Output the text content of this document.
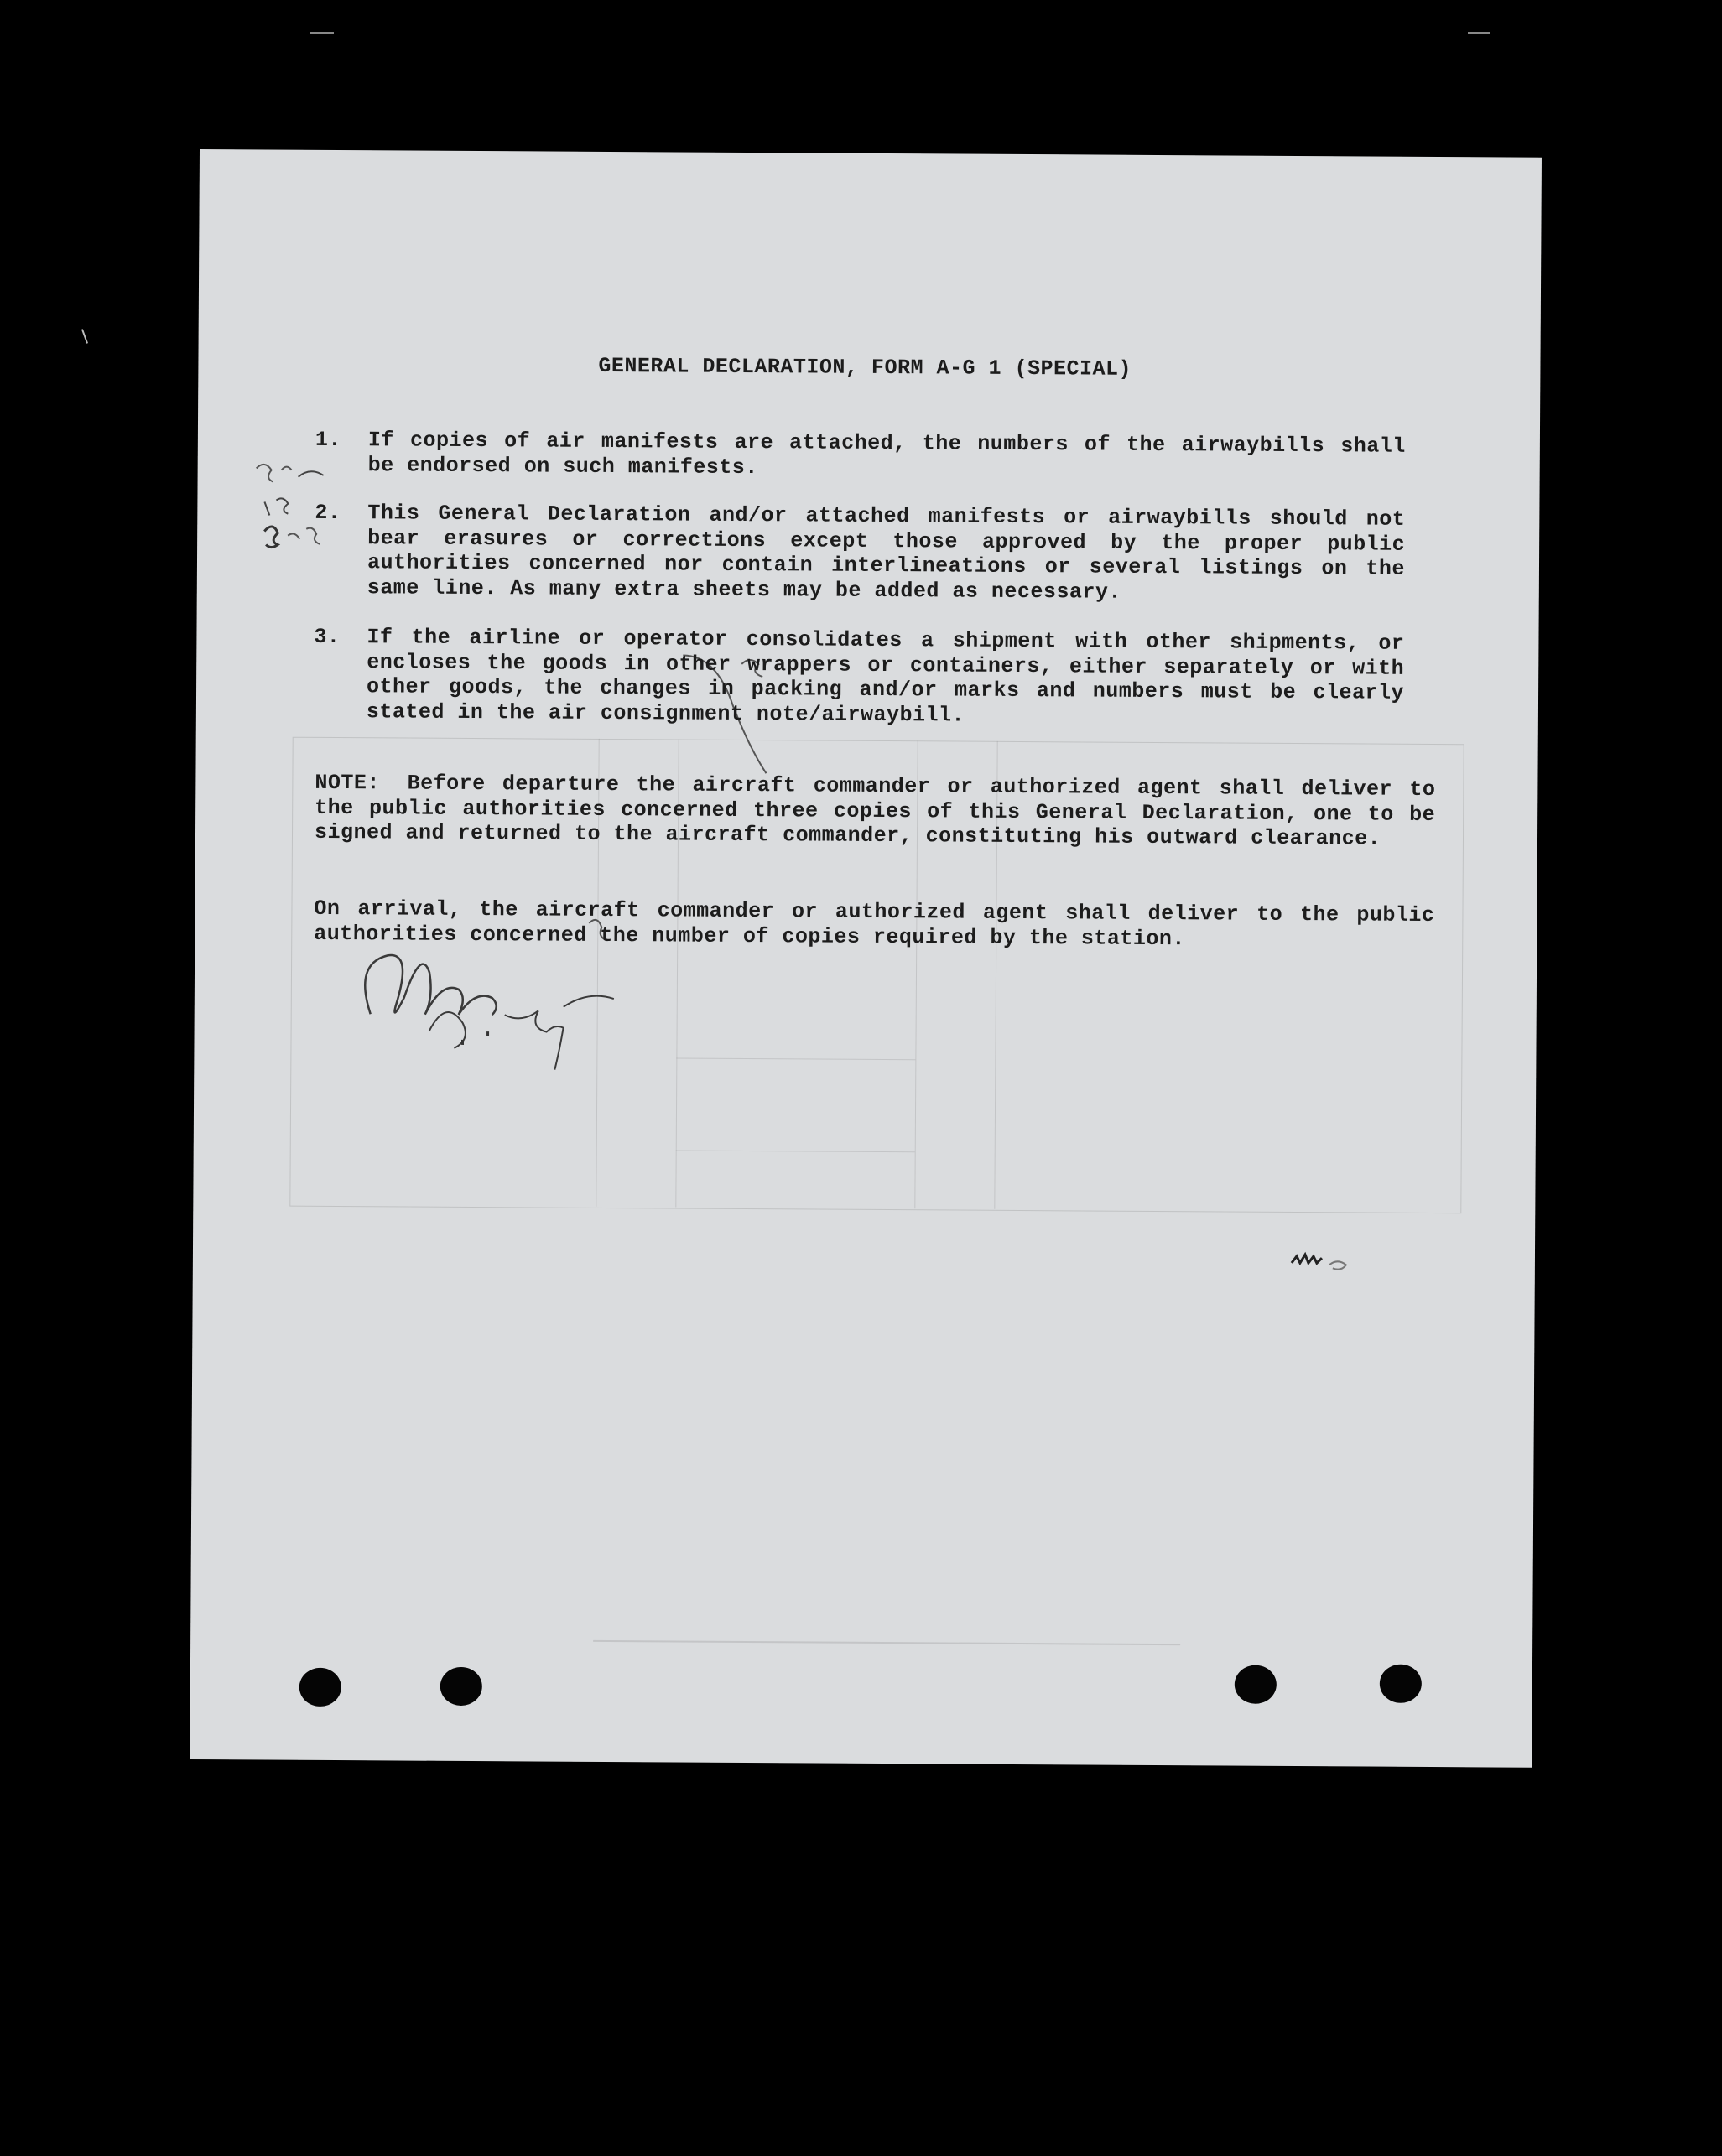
GENERAL DECLARATION, FORM A-G 1 (SPECIAL)
1.	If copies of air manifests are attached, the numbers of the airwaybills shall be endorsed on such manifests.
2.	This General Declaration and/or attached manifests or airwaybills should not bear erasures or corrections except those approved by the proper public authorities concerned nor contain interlineations or several listings on the same line. As many extra sheets may be added as necessary.
3.	If the airline or operator consolidates a shipment with other shipments, or encloses the goods in other wrappers or containers, either separately or with other goods, the changes in packing and/or marks and numbers must be clearly stated in the air consignment note/airwaybill.
NOTE: Before departure the aircraft commander or authorized agent shall deliver to the public authorities concerned three copies of this General Declaration, one to be signed and returned to the aircraft commander, constituting his outward clearance.
On arrival, the aircraft commander or authorized agent shall deliver to the public authorities concerned the number of copies required by the station.
